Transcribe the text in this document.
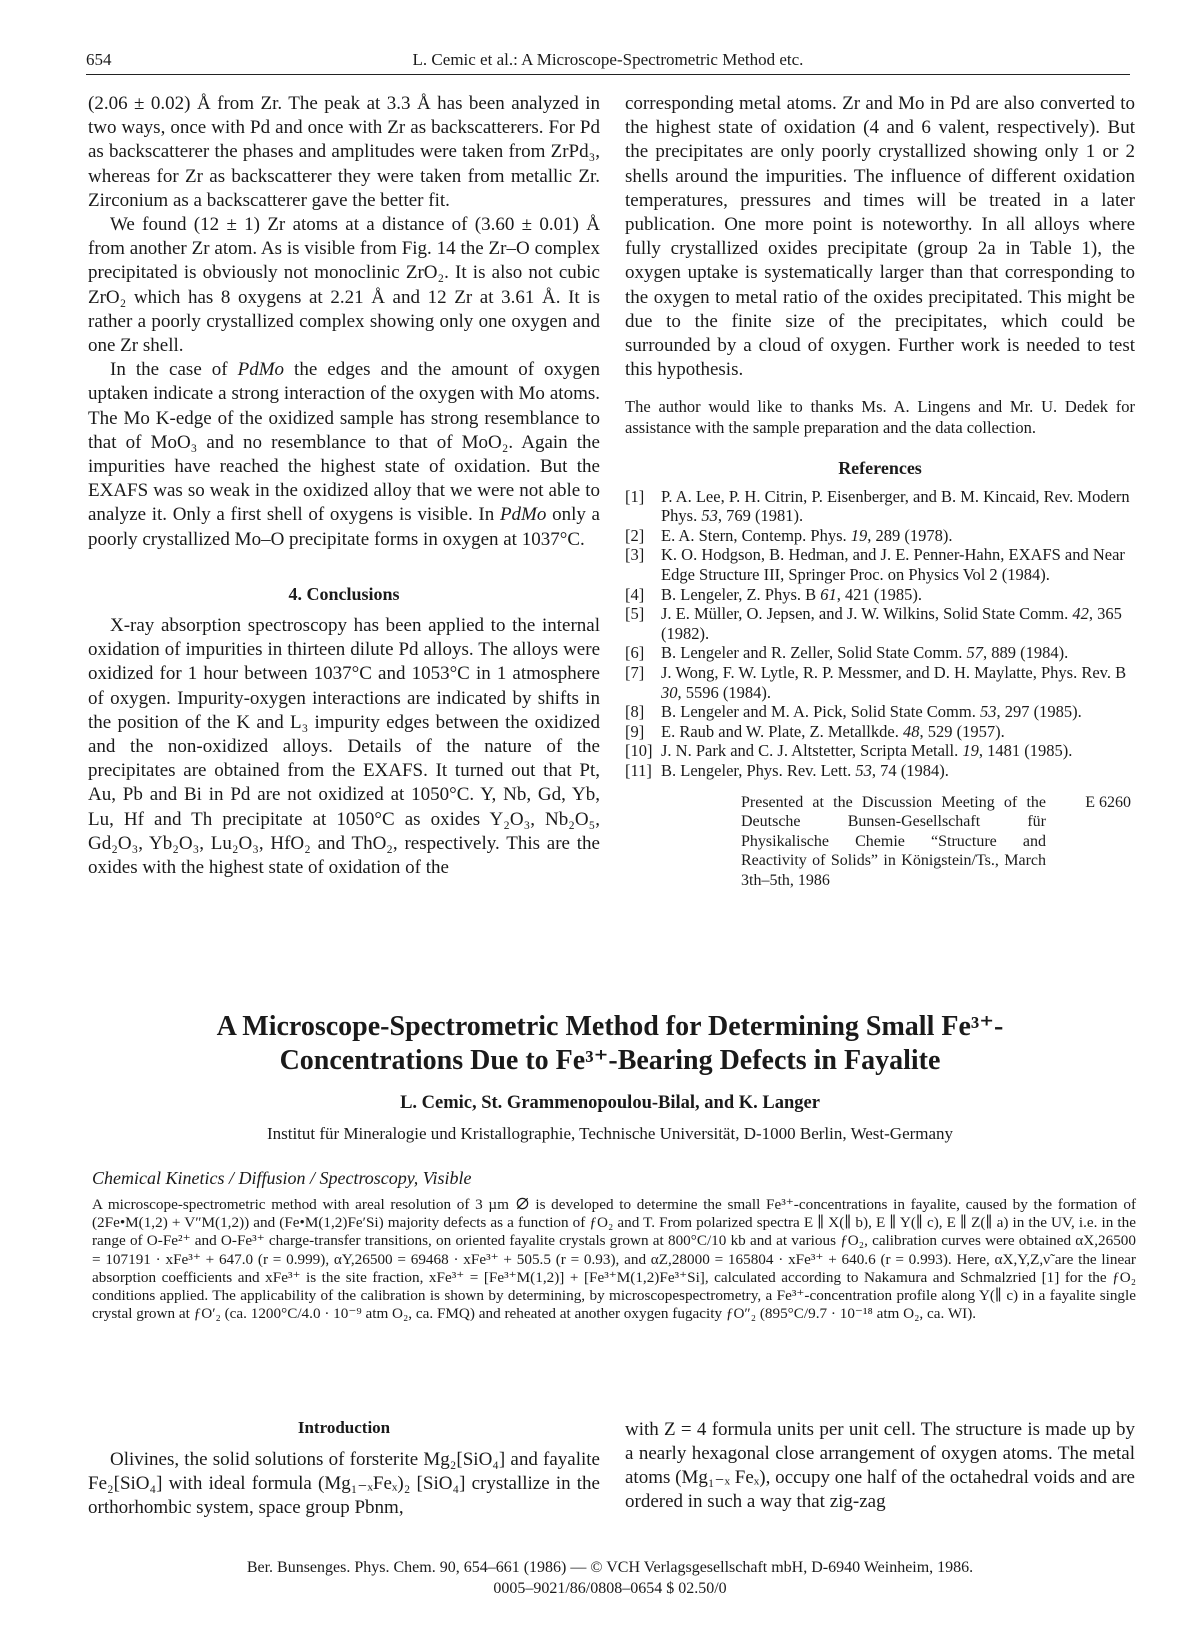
654	L. Cemic et al.: A Microscope-Spectrometric Method etc.

(2.06 ± 0.02) Å from Zr. The peak at 3.3 Å has been analyzed in two ways, once with Pd and once with Zr as backscatterers. For Pd as backscatterer the phases and amplitudes were taken from ZrPd₃, whereas for Zr as backscatterer they were taken from metallic Zr. Zirconium as a backscatterer gave the better fit.

We found (12 ± 1) Zr atoms at a distance of (3.60 ± 0.01) Å from another Zr atom. As is visible from Fig. 14 the Zr–O complex precipitated is obviously not monoclinic ZrO₂. It is also not cubic ZrO₂ which has 8 oxygens at 2.21 Å and 12 Zr at 3.61 Å. It is rather a poorly crystallized complex showing only one oxygen and one Zr shell.

In the case of PdMo the edges and the amount of oxygen uptaken indicate a strong interaction of the oxygen with Mo atoms. The Mo K-edge of the oxidized sample has strong resemblance to that of MoO₃ and no resemblance to that of MoO₂. Again the impurities have reached the highest state of oxidation. But the EXAFS was so weak in the oxidized alloy that we were not able to analyze it. Only a first shell of oxygens is visible. In PdMo only a poorly crystallized Mo–O precipitate forms in oxygen at 1037°C.

4. Conclusions

X-ray absorption spectroscopy has been applied to the internal oxidation of impurities in thirteen dilute Pd alloys. The alloys were oxidized for 1 hour between 1037°C and 1053°C in 1 atmosphere of oxygen. Impurity-oxygen interactions are indicated by shifts in the position of the K and L₃ impurity edges between the oxidized and the non-oxidized alloys. Details of the nature of the precipitates are obtained from the EXAFS. It turned out that Pt, Au, Pb and Bi in Pd are not oxidized at 1050°C. Y, Nb, Gd, Yb, Lu, Hf and Th precipitate at 1050°C as oxides Y₂O₃, Nb₂O₅, Gd₂O₃, Yb₂O₃, Lu₂O₃, HfO₂ and ThO₂, respectively. This are the oxides with the highest state of oxidation of the

corresponding metal atoms. Zr and Mo in Pd are also converted to the highest state of oxidation (4 and 6 valent, respectively). But the precipitates are only poorly crystallized showing only 1 or 2 shells around the impurities. The influence of different oxidation temperatures, pressures and times will be treated in a later publication. One more point is noteworthy. In all alloys where fully crystallized oxides precipitate (group 2a in Table 1), the oxygen uptake is systematically larger than that corresponding to the oxygen to metal ratio of the oxides precipitated. This might be due to the finite size of the precipitates, which could be surrounded by a cloud of oxygen. Further work is needed to test this hypothesis.

The author would like to thanks Ms. A. Lingens and Mr. U. Dedek for assistance with the sample preparation and the data collection.

References
[1]	P. A. Lee, P. H. Citrin, P. Eisenberger, and B. M. Kincaid, Rev. Modern Phys. 53, 769 (1981).
[2]	E. A. Stern, Contemp. Phys. 19, 289 (1978).
[3]	K. O. Hodgson, B. Hedman, and J. E. Penner-Hahn, EXAFS and Near Edge Structure III, Springer Proc. on Physics Vol 2 (1984).
[4]	B. Lengeler, Z. Phys. B 61, 421 (1985).
[5]	J. E. Müller, O. Jepsen, and J. W. Wilkins, Solid State Comm. 42, 365 (1982).
[6]	B. Lengeler and R. Zeller, Solid State Comm. 57, 889 (1984).
[7]	J. Wong, F. W. Lytle, R. P. Messmer, and D. H. Maylatte, Phys. Rev. B 30, 5596 (1984).
[8]	B. Lengeler and M. A. Pick, Solid State Comm. 53, 297 (1985).
[9]	E. Raub and W. Plate, Z. Metallkde. 48, 529 (1957).
[10] J. N. Park and C. J. Altstetter, Scripta Metall. 19, 1481 (1985).
[11] B. Lengeler, Phys. Rev. Lett. 53, 74 (1984).
Presented at the Discussion Meeting of the Deutsche Bunsen-Gesellschaft für Physikalische Chemie “Structure and Reactivity of Solids” in Königstein/Ts., March 3th–5th, 1986
E 6260
A Microscope-Spectrometric Method for Determining Small Fe³⁺-
Concentrations Due to Fe³⁺-Bearing Defects in Fayalite
L. Cemic, St. Grammenopoulou-Bilal, and K. Langer
Institut für Mineralogie und Kristallographie, Technische Universität, D-1000 Berlin, West-Germany
Chemical Kinetics / Diffusion / Spectroscopy, Visible
A microscope-spectrometric method with areal resolution of 3 µm  is developed to determine the small Fe³⁺-concentrations in fayalite, caused by the formation of (2Fe•M(1,2) + V″M(1,2)) and (Fe•M(1,2)Fe′Si) majority defects as a function of ƒO₂ and T. From polarized spectra E ∥ X(∥ b), E ∥ Y(∥ c), E ∥ Z(∥ a) in the UV, i.e. in the range of O-Fe²⁺ and O-Fe³⁺ charge-transfer transitions, on oriented fayalite crystals grown at 800°C/10 kb and at various ƒO₂, calibration curves were obtained αX,26500 = 107191 · xFe³⁺ + 647.0 (r = 0.999), αY,26500 = 69468 · xFe³⁺ + 505.5 (r = 0.93), and αZ,28000 = 165804 · xFe³⁺ + 640.6 (r = 0.993). Here, αX,Y,Z,ν̃ are the linear absorption coefficients and xFe³⁺ is the site fraction, xFe³⁺ = [Fe³⁺M(1,2)] + [Fe³⁺M(1,2)Fe³⁺Si], calculated according to Nakamura and Schmalzried [1] for the ƒO₂ conditions applied. The applicability of the calibration is shown by determining, by microscopespectrometry, a Fe³⁺-concentration profile along Y(∥ c) in a fayalite single crystal grown at ƒO′₂ (ca. 1200°C/4.0 · 10⁻⁹ atm O₂, ca. FMQ) and reheated at another oxygen fugacity ƒO″₂ (895°C/9.7 · 10⁻¹⁸ atm O₂, ca. WI).
Introduction

Olivines, the solid solutions of forsterite Mg₂[SiO₄] and fayalite Fe₂[SiO₄] with ideal formula (Mg₁₋ₓFeₓ)₂ [SiO₄] crystallize in the orthorhombic system, space group Pbnm,

with Z = 4 formula units per unit cell. The structure is made up by a nearly hexagonal close arrangement of oxygen atoms. The metal atoms (Mg₁₋ₓ Feₓ), occupy one half of the octahedral voids and are ordered in such a way that zig-zag

Ber. Bunsenges. Phys. Chem. 90, 654–661 (1986) — © VCH Verlagsgesellschaft mbH, D-6940 Weinheim, 1986.
0005–9021/86/0808–0654 $ 02.50/0
